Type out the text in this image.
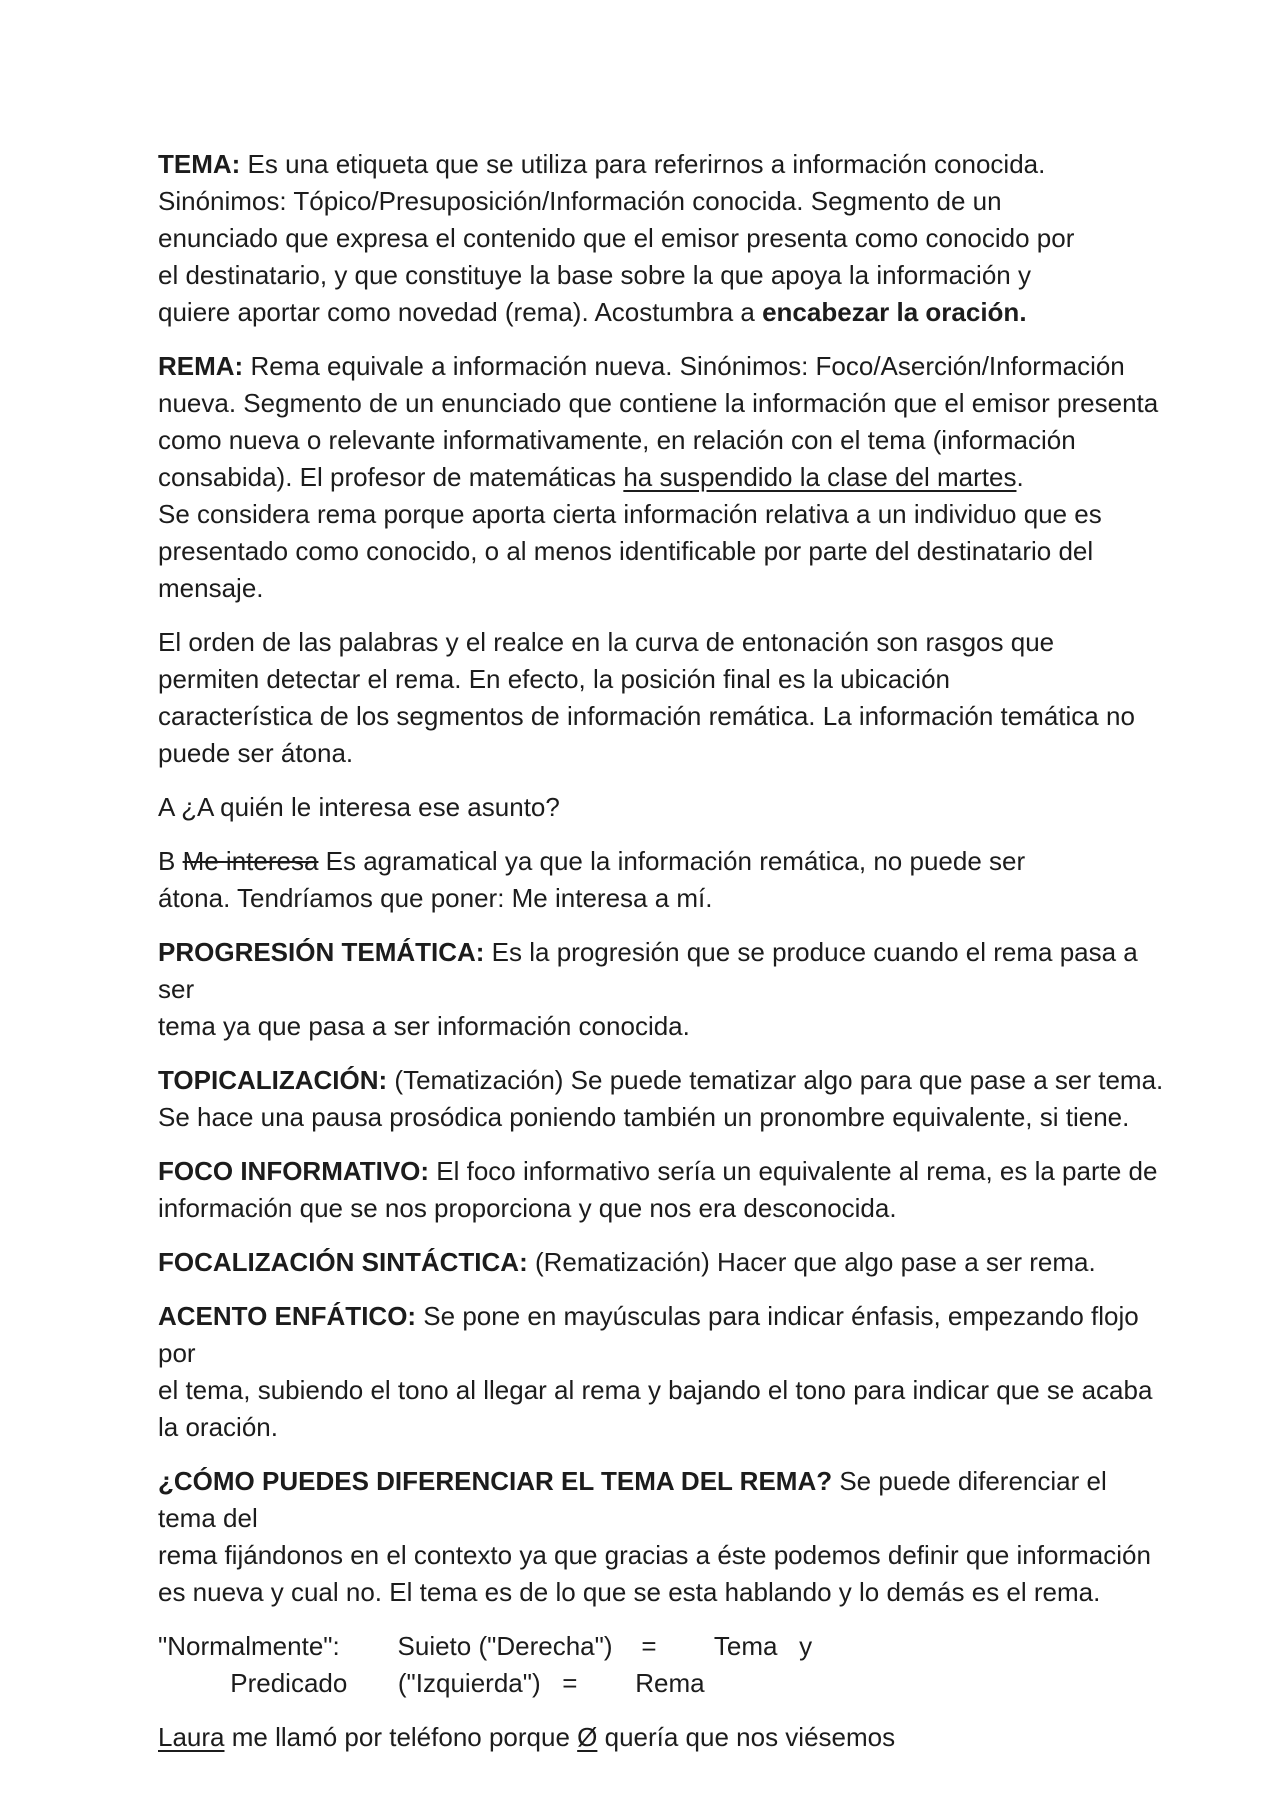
TEMA: Es una etiqueta que se utiliza para referirnos a información conocida.
Sinónimos: Tópico/Presuposición/Información conocida. Segmento de un
enunciado que expresa el contenido que el emisor presenta como conocido por
el destinatario, y que constituye la base sobre la que apoya la información y
quiere aportar como novedad (rema). Acostumbra a encabezar la oración.

REMA: Rema equivale a información nueva. Sinónimos: Foco/Aserción/Información
nueva. Segmento de un enunciado que contiene la información que el emisor presenta
como nueva o relevante informativamente, en relación con el tema (información
consabida). El profesor de matemáticas ha suspendido la clase del martes.
Se considera rema porque aporta cierta información relativa a un individuo que es
presentado como conocido, o al menos identificable por parte del destinatario del
mensaje.

El orden de las palabras y el realce en la curva de entonación son rasgos que
permiten detectar el rema. En efecto, la posición final es la ubicación
característica de los segmentos de información remática. La información temática no
puede ser átona.

A ¿A quién le interesa ese asunto?

B Me interesa Es agramatical ya que la información remática, no puede ser
átona. Tendríamos que poner: Me interesa a mí.

PROGRESIÓN TEMÁTICA: Es la progresión que se produce cuando el rema pasa a ser
tema ya que pasa a ser información conocida.

TOPICALIZACIÓN: (Tematización) Se puede tematizar algo para que pase a ser tema.
Se hace una pausa prosódica poniendo también un pronombre equivalente, si tiene.

FOCO INFORMATIVO: El foco informativo sería un equivalente al rema, es la parte de
información que se nos proporciona y que nos era desconocida.

FOCALIZACIÓN SINTÁCTICA: (Rematización) Hacer que algo pase a ser rema.

ACENTO ENFÁTICO: Se pone en mayúsculas para indicar énfasis, empezando flojo por
el tema, subiendo el tono al llegar al rema y bajando el tono para indicar que se acaba
la oración.

¿CÓMO PUEDES DIFERENCIAR EL TEMA DEL REMA? Se puede diferenciar el tema del
rema fijándonos en el contexto ya que gracias a éste podemos definir que información
es nueva y cual no. El tema es de lo que se esta hablando y lo demás es el rema.

"Normalmente":        Suieto ("Derecha")    =        Tema   y
Predicado       ("Izquierda")   =        Rema

Laura me llamó por teléfono porque Ø quería que nos viésemos
